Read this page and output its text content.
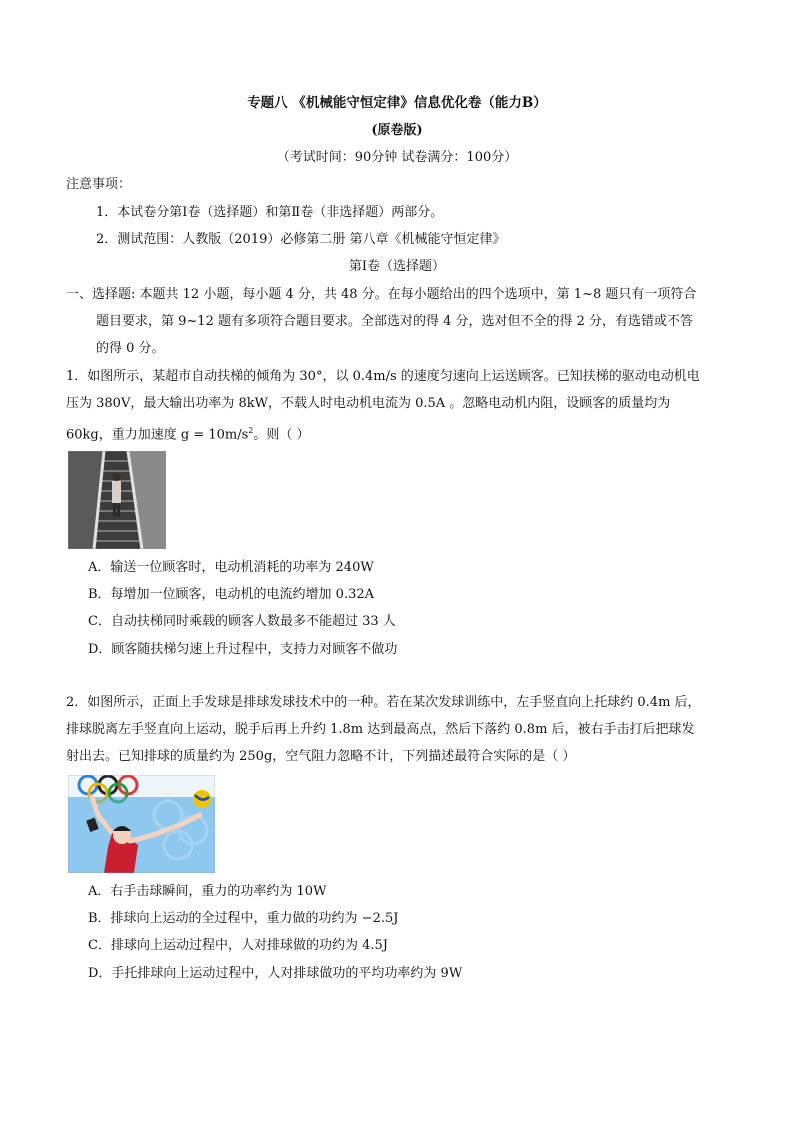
专题八 《机械能守恒定律》信息优化卷（能力B）
(原卷版)
（考试时间：90分钟 试卷满分：100分）
注意事项：
1．本试卷分第Ⅰ卷（选择题）和第Ⅱ卷（非选择题）两部分。
2．测试范围：人教版（2019）必修第二册 第八章《机械能守恒定律》
第Ⅰ卷（选择题）
一、选择题: 本题共 12 小题，每小题 4 分，共 48 分。在每小题给出的四个选项中，第 1~8 题只有一项符合
题目要求，第 9~12 题有多项符合题目要求。全部选对的得 4 分，选对但不全的得 2 分，有选错或不答
的得 0 分。
1．如图所示，某超市自动扶梯的倾角为 30°，以 0.4m/s 的速度匀速向上运送顾客。已知扶梯的驱动电动机电
压为 380V，最大输出功率为 8kW，不载人时电动机电流为 0.5A 。忽略电动机内阻，设顾客的质量均为
60kg，重力加速度 $g = 10m/s^2$。则（ ）
A．输送一位顾客时，电动机消耗的功率为 240W
B．每增加一位顾客，电动机的电流约增加 0.32A
C．自动扶梯同时乘载的顾客人数最多不能超过 33 人
D．顾客随扶梯匀速上升过程中，支持力对顾客不做功
2．如图所示，正面上手发球是排球发球技术中的一种。若在某次发球训练中，左手竖直向上托球约 0.4m 后，
排球脱离左手竖直向上运动，脱手后再上升约 1.8m 达到最高点，然后下落约 0.8m 后，被右手击打后把球发
射出去。已知排球的质量约为 250g，空气阻力忽略不计，下列描述最符合实际的是（ ）
A．右手击球瞬间，重力的功率约为 10W
B．排球向上运动的全过程中，重力做的功约为 −2.5J
C．排球向上运动过程中，人对排球做的功约为 4.5J
D．手托排球向上运动过程中，人对排球做功的平均功率约为 9W
